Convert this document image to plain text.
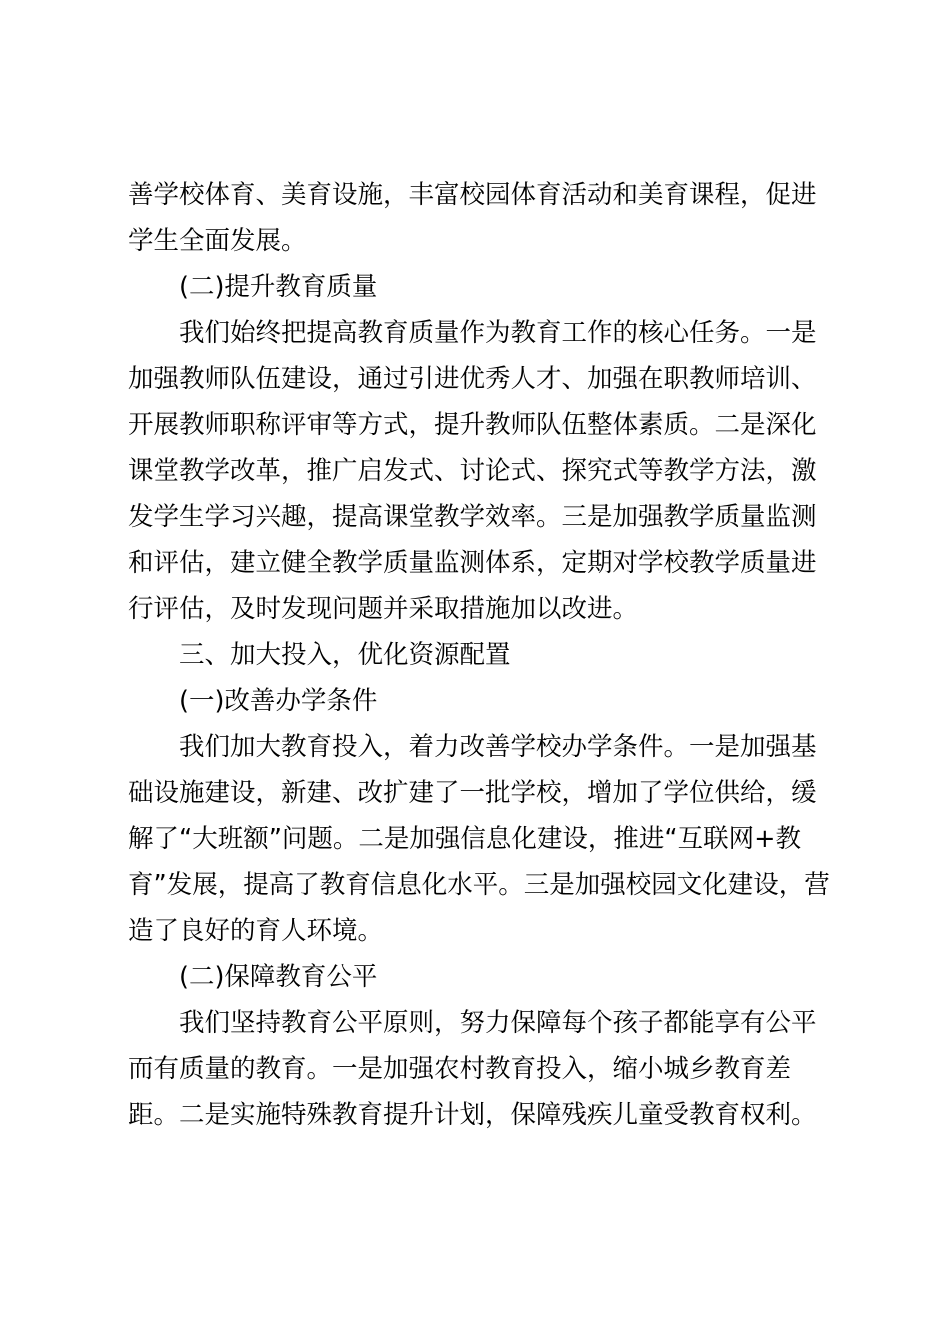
善学校体育、美育设施，丰富校园体育活动和美育课程，促进
学生全面发展。
(二)提升教育质量
我们始终把提高教育质量作为教育工作的核心任务。一是
加强教师队伍建设，通过引进优秀人才、加强在职教师培训、
开展教师职称评审等方式，提升教师队伍整体素质。二是深化
课堂教学改革，推广启发式、讨论式、探究式等教学方法，激
发学生学习兴趣，提高课堂教学效率。三是加强教学质量监测
和评估，建立健全教学质量监测体系，定期对学校教学质量进
行评估，及时发现问题并采取措施加以改进。
三、加大投入，优化资源配置
(一)改善办学条件
我们加大教育投入，着力改善学校办学条件。一是加强基
础设施建设，新建、改扩建了一批学校，增加了学位供给，缓
解了“大班额”问题。二是加强信息化建设，推进“互联网+教
育”发展，提高了教育信息化水平。三是加强校园文化建设，营
造了良好的育人环境。
(二)保障教育公平
我们坚持教育公平原则，努力保障每个孩子都能享有公平
而有质量的教育。一是加强农村教育投入，缩小城乡教育差
距。二是实施特殊教育提升计划，保障残疾儿童受教育权利。
